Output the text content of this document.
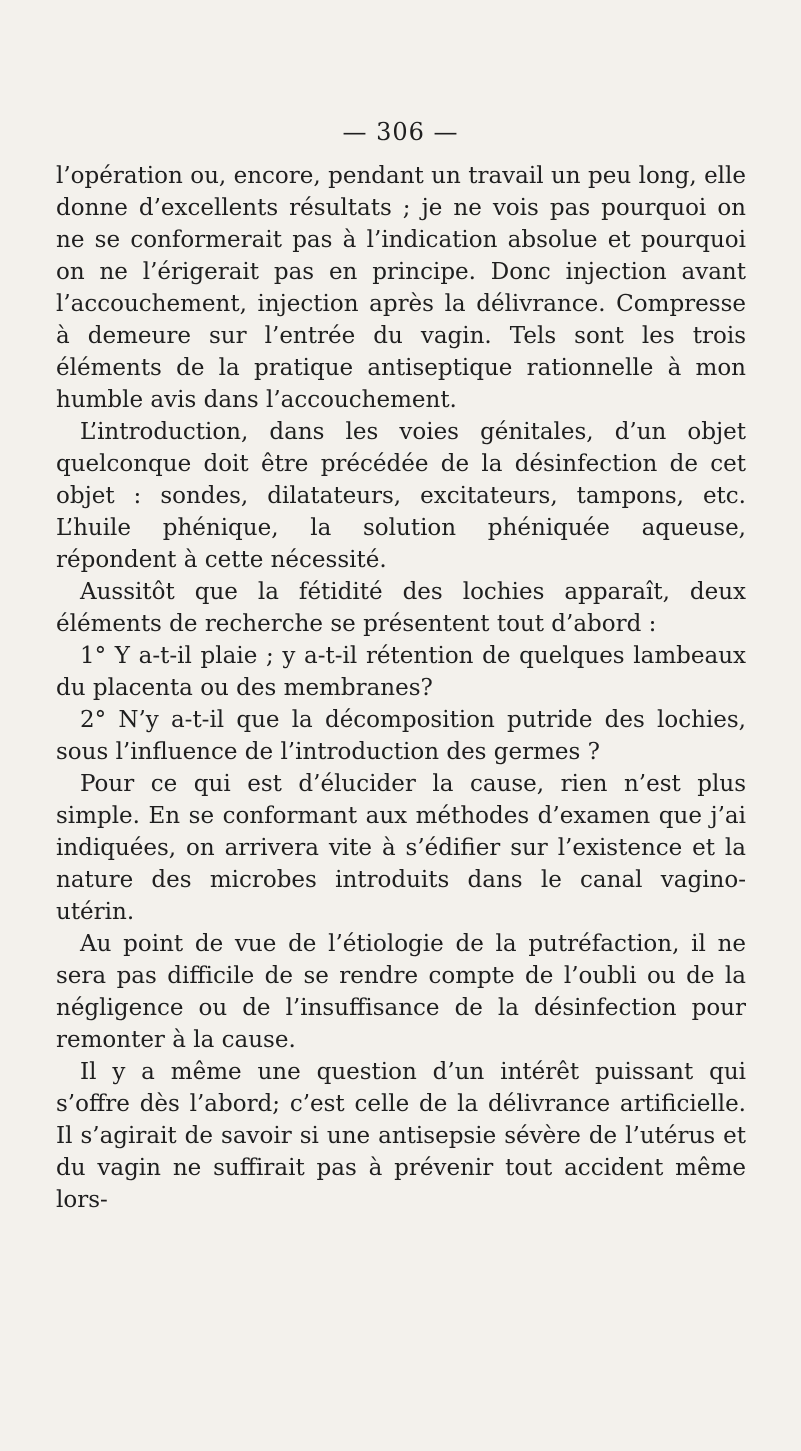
— 306 —

l’opération ou, encore, pendant un travail un peu long, elle donne d’excellents résultats ; je ne vois pas pourquoi on ne se conformerait pas à l’indication absolue et pourquoi on ne l’érigerait pas en principe. Donc injection avant l’accouchement, injection après la délivrance. Compresse à demeure sur l’entrée du vagin. Tels sont les trois éléments de la pratique antiseptique rationnelle à mon humble avis dans l’accouchement.

L’introduction, dans les voies génitales, d’un objet quelconque doit être précédée de la désinfection de cet objet : sondes, dilatateurs, excitateurs, tampons, etc. L’huile phénique, la solution phéniquée aqueuse, répondent à cette nécessité.

Aussitôt que la fétidité des lochies apparaît, deux éléments de recherche se présentent tout d’abord :

1° Y a-t-il plaie ; y a-t-il rétention de quelques lambeaux du placenta ou des membranes?

2° N’y a-t-il que la décomposition putride des lochies, sous l’influence de l’introduction des germes ?

Pour ce qui est d’élucider la cause, rien n’est plus simple. En se conformant aux méthodes d’examen que j’ai indiquées, on arrivera vite à s’édifier sur l’existence et la nature des microbes introduits dans le canal vagino-utérin.

Au point de vue de l’étiologie de la putréfaction, il ne sera pas difficile de se rendre compte de l’oubli ou de la négligence ou de l’insuffisance de la désinfection pour remonter à la cause.

Il y a même une question d’un intérêt puissant qui s’offre dès l’abord; c’est celle de la délivrance artificielle. Il s’agirait de savoir si une antisepsie sévère de l’utérus et du vagin ne suffirait pas à prévenir tout accident même lors-
